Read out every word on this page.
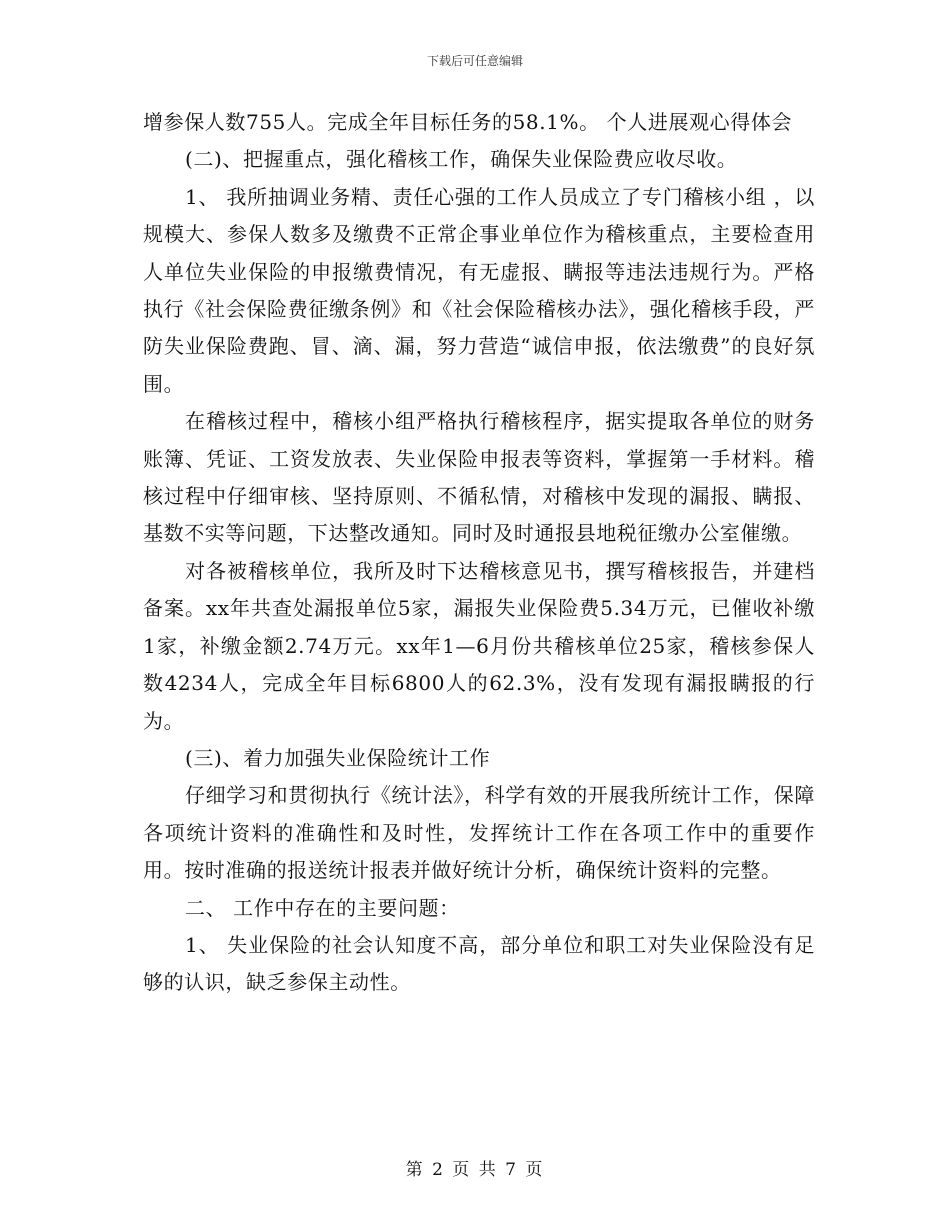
下载后可任意编辑

增参保人数755人。完成全年目标任务的58.1%。 个人进展观心得体会

(二)、把握重点，强化稽核工作，确保失业保险费应收尽收。

1、 我所抽调业务精、责任心强的工作人员成立了专门稽核小组 ，以规模大、参保人数多及缴费不正常企事业单位作为稽核重点，主要检查用人单位失业保险的申报缴费情况，有无虚报、瞒报等违法违规行为。严格执行《社会保险费征缴条例》和《社会保险稽核办法》，强化稽核手段，严防失业保险费跑、冒、滴、漏，努力营造“诚信申报，依法缴费”的良好氛围。

在稽核过程中，稽核小组严格执行稽核程序，据实提取各单位的财务账簿、凭证、工资发放表、失业保险申报表等资料，掌握第一手材料。稽核过程中仔细审核、坚持原则、不循私情，对稽核中发现的漏报、瞒报、基数不实等问题，下达整改通知。同时及时通报县地税征缴办公室催缴。

对各被稽核单位，我所及时下达稽核意见书，撰写稽核报告，并建档备案。xx年共查处漏报单位5家，漏报失业保险费5.34万元，已催收补缴1家，补缴金额2.74万元。xx年1—6月份共稽核单位25家，稽核参保人数4234人，完成全年目标6800人的62.3%，没有发现有漏报瞒报的行为。

(三)、着力加强失业保险统计工作

仔细学习和贯彻执行《统计法》，科学有效的开展我所统计工作，保障各项统计资料的准确性和及时性，发挥统计工作在各项工作中的重要作用。按时准确的报送统计报表并做好统计分析，确保统计资料的完整。

二、 工作中存在的主要问题：

1、 失业保险的社会认知度不高，部分单位和职工对失业保险没有足够的认识，缺乏参保主动性。

第 2 页 共 7 页
